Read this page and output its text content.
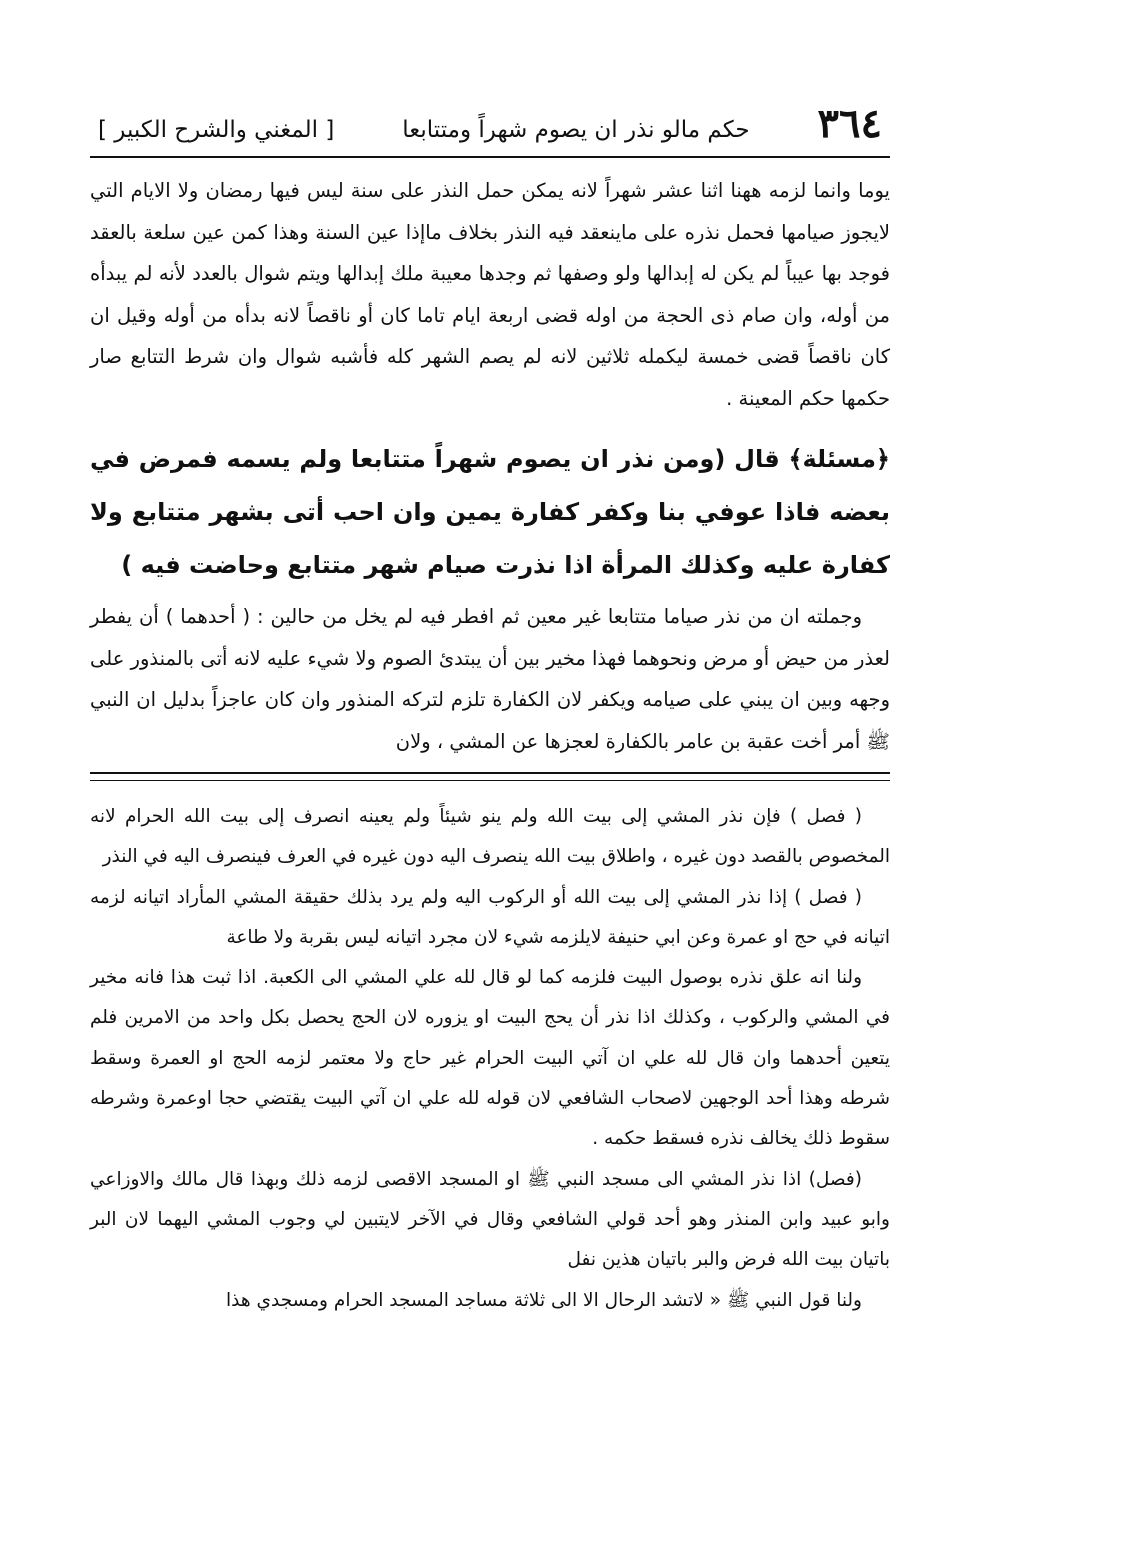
٣٦٤
حكم مالو نذر ان يصوم شهراً ومتتابعا
[ المغني والشرح الكبير ]

يوما وانما لزمه ههنا اثنا عشر شهراً لانه يمكن حمل النذر على سنة ليس فيها رمضان ولا الايام التي لايجوز صيامها فحمل نذره على ماينعقد فيه النذر بخلاف ماإذا عين السنة وهذا كمن عين سلعة بالعقد فوجد بها عيباً لم يكن له إبدالها ولو وصفها ثم وجدها معيبة ملك إبدالها ويتم شوال بالعدد لأنه لم يبدأه من أوله، وان صام ذى الحجة من اوله قضى اربعة ايام تاما كان أو ناقصاً لانه بدأه من أوله وقيل ان كان ناقصاً قضى خمسة ليكمله ثلاثين لانه لم يصم الشهر كله فأشبه شوال وان شرط التتابع صار حكمها حكم المعينة .

﴿مسئلة﴾ قال (ومن نذر ان يصوم شهراً متتابعا ولم يسمه فمرض في بعضه فاذا عوفي بنا وكفر كفارة يمين وان احب أتى بشهر متتابع ولا كفارة عليه وكذلك المرأة اذا نذرت صيام شهر متتابع وحاضت فيه )

وجملته ان من نذر صياما متتابعا غير معين ثم افطر فيه لم يخل من حالين : ( أحدهما ) أن يفطر لعذر من حيض أو مرض ونحوهما فهذا مخير بين أن يبتدئ الصوم ولا شيء عليه لانه أتى بالمنذور على وجهه وبين ان يبني على صيامه ويكفر لان الكفارة تلزم لتركه المنذور وان كان عاجزاً بدليل ان النبي ﷺ أمر أخت عقبة بن عامر بالكفارة لعجزها عن المشي ، ولان

( فصل ) فإن نذر المشي إلى بيت الله ولم ينو شيئاً ولم يعينه انصرف إلى بيت الله الحرام لانه المخصوص بالقصد دون غيره ، واطلاق بيت الله ينصرف اليه دون غيره في العرف فينصرف اليه في النذر

( فصل ) إذا نذر المشي إلى بيت الله أو الركوب اليه ولم يرد بذلك حقيقة المشي المأراد اتيانه لزمه اتيانه في حج او عمرة وعن ابي حنيفة لايلزمه شيء لان مجرد اتيانه ليس بقربة ولا طاعة

ولنا انه علق نذره بوصول البيت فلزمه كما لو قال لله علي المشي الى الكعبة. اذا ثبت هذا فانه مخير في المشي والركوب ، وكذلك اذا نذر أن يحج البيت او يزوره لان الحج يحصل بكل واحد من الامرين فلم يتعين أحدهما وان قال لله علي ان آتي البيت الحرام غير حاج ولا معتمر لزمه الحج او العمرة وسقط شرطه وهذا أحد الوجهين لاصحاب الشافعي لان قوله لله علي ان آتي البيت يقتضي حجا اوعمرة وشرطه سقوط ذلك يخالف نذره فسقط حكمه .

(فصل) اذا نذر المشي الى مسجد النبي ﷺ او المسجد الاقصى لزمه ذلك وبهذا قال مالك والاوزاعي وابو عبيد وابن المنذر وهو أحد قولي الشافعي وقال في الآخر لايتبين لي وجوب المشي اليهما لان البر باتيان بيت الله فرض والبر باتيان هذين نفل

ولنا قول النبي ﷺ « لاتشد الرحال الا الى ثلاثة مساجد المسجد الحرام ومسجدي هذا
